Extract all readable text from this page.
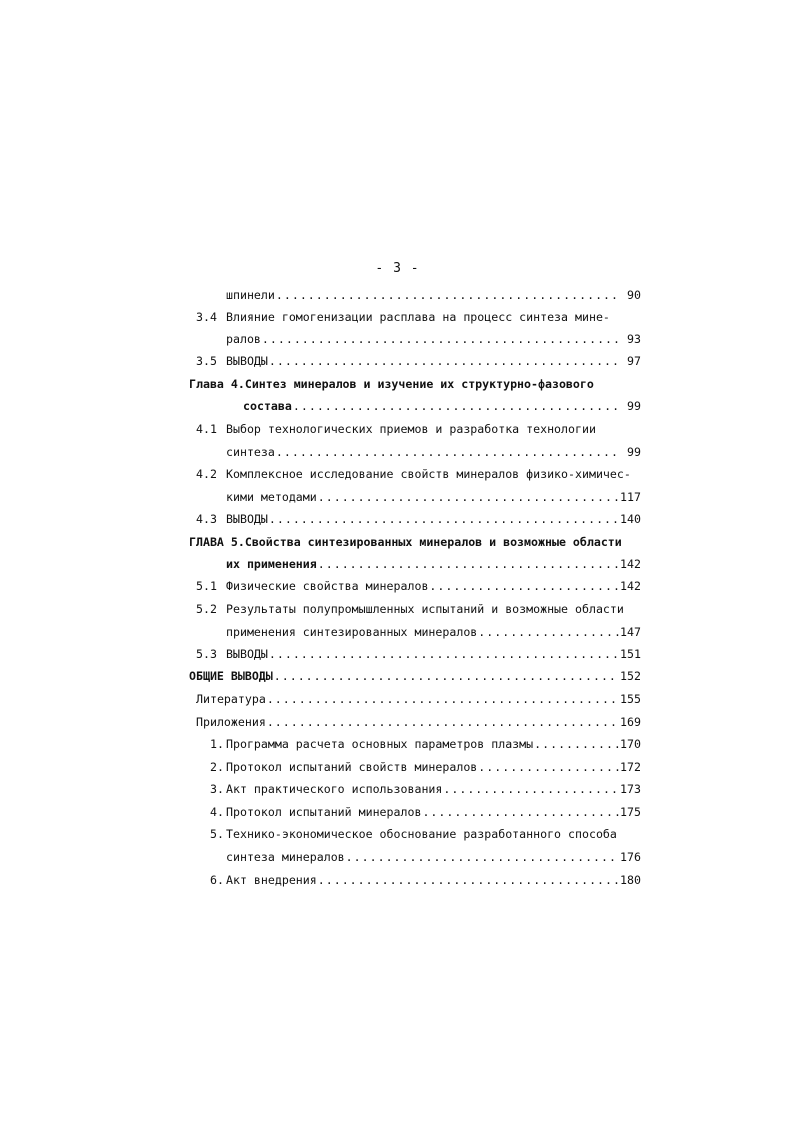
- 3 -
шпинели .....	90
3.4 Влияние гомогенизации расплава на процесс синтеза мине-
ралов .....	93
3.5 ВЫВОДЫ .....	97
Глава 4.Синтез минералов и изучение их структурно-фазового
состава .....	99
4.1 Выбор технологических приемов и разработка технологии
синтеза .....	99
4.2 Комплексное исследование свойств минералов физико-химичес-
кими методами .....	117
4.3 ВЫВОДЫ .....	140
ГЛАВА 5.Свойства синтезированных минералов и возможные области
их применения .....	142
5.1 Физические свойства минералов .....	142
5.2 Результаты полупромышленных испытаний и возможные области
применения синтезированных минералов .....	147
5.3 ВЫВОДЫ .....	151
ОБЩИЕ ВЫВОДЫ .....	152
Литература .....	155
Приложения .....	169
1. Программа расчета основных параметров плазмы .....	170
2. Протокол испытаний свойств минералов .....	172
3. Акт практического использования .....	173
4. Протокол испытаний минералов .....	175
5. Технико-экономическое обоснование разработанного способа
синтеза минералов .....	176
6. Акт внедрения .....	180
